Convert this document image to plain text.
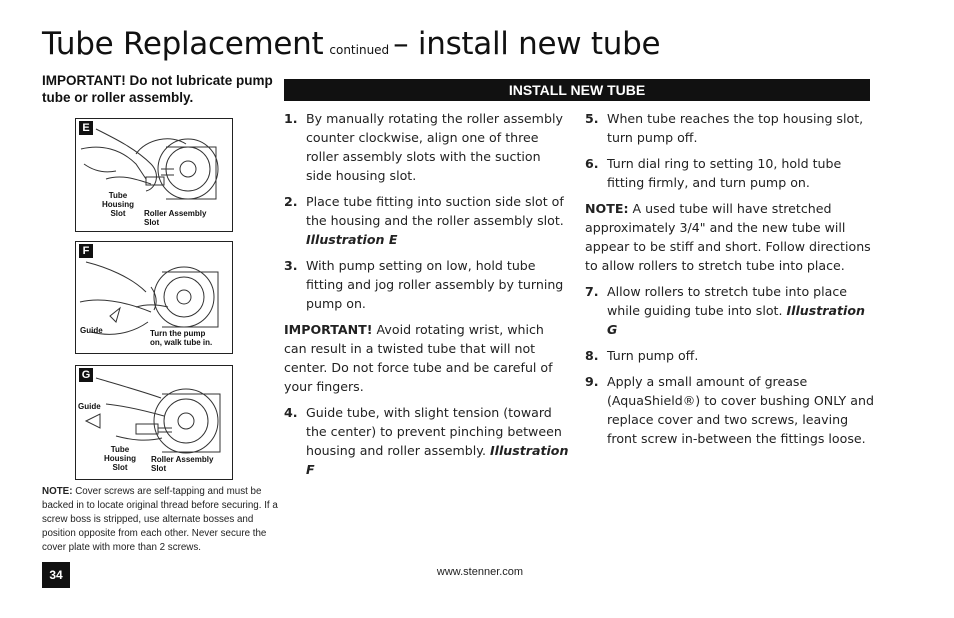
Tube Replacement continued – install new tube

IMPORTANT! Do not lubricate pump tube or roller assembly.

E
Tube
Housing
Slot	Roller Assembly
Slot
F
Guide	Turn the pump
on, walk tube in.
G
Guide
Tube
Housing
Slot
Roller Assembly
Slot

NOTE: Cover screws are self-tapping and must be backed in to locate original thread before securing. If a screw boss is stripped, use alternate bosses and position opposite from each other. Never secure the cover plate with more than 2 screws.

INSTALL NEW TUBE
1. By manually rotating the roller assembly counter clockwise, align one of three roller assembly slots with the suction side housing slot.
2. Place tube fitting into suction side slot of the housing and the roller assembly slot. Illustration E
3. With pump setting on low, hold tube fitting and jog roller assembly by turning pump on.

IMPORTANT! Avoid rotating wrist, which can result in a twisted tube that will not center. Do not force tube and be careful of your fingers.

4. Guide tube, with slight tension (toward the center) to prevent pinching between housing and roller assembly. Illustration F
5. When tube reaches the top housing slot, turn pump off.
6. Turn dial ring to setting 10, hold tube fitting firmly, and turn pump on.

NOTE: A used tube will have stretched approximately 3/4" and the new tube will appear to be stiff and short. Follow directions to allow rollers to stretch tube into place.

7. Allow rollers to stretch tube into place while guiding tube into slot. Illustration G
8. Turn pump off.
9. Apply a small amount of grease (AquaShield®) to cover bushing ONLY and replace cover and two screws, leaving front screw in-between the fittings loose.
34	www.stenner.com
